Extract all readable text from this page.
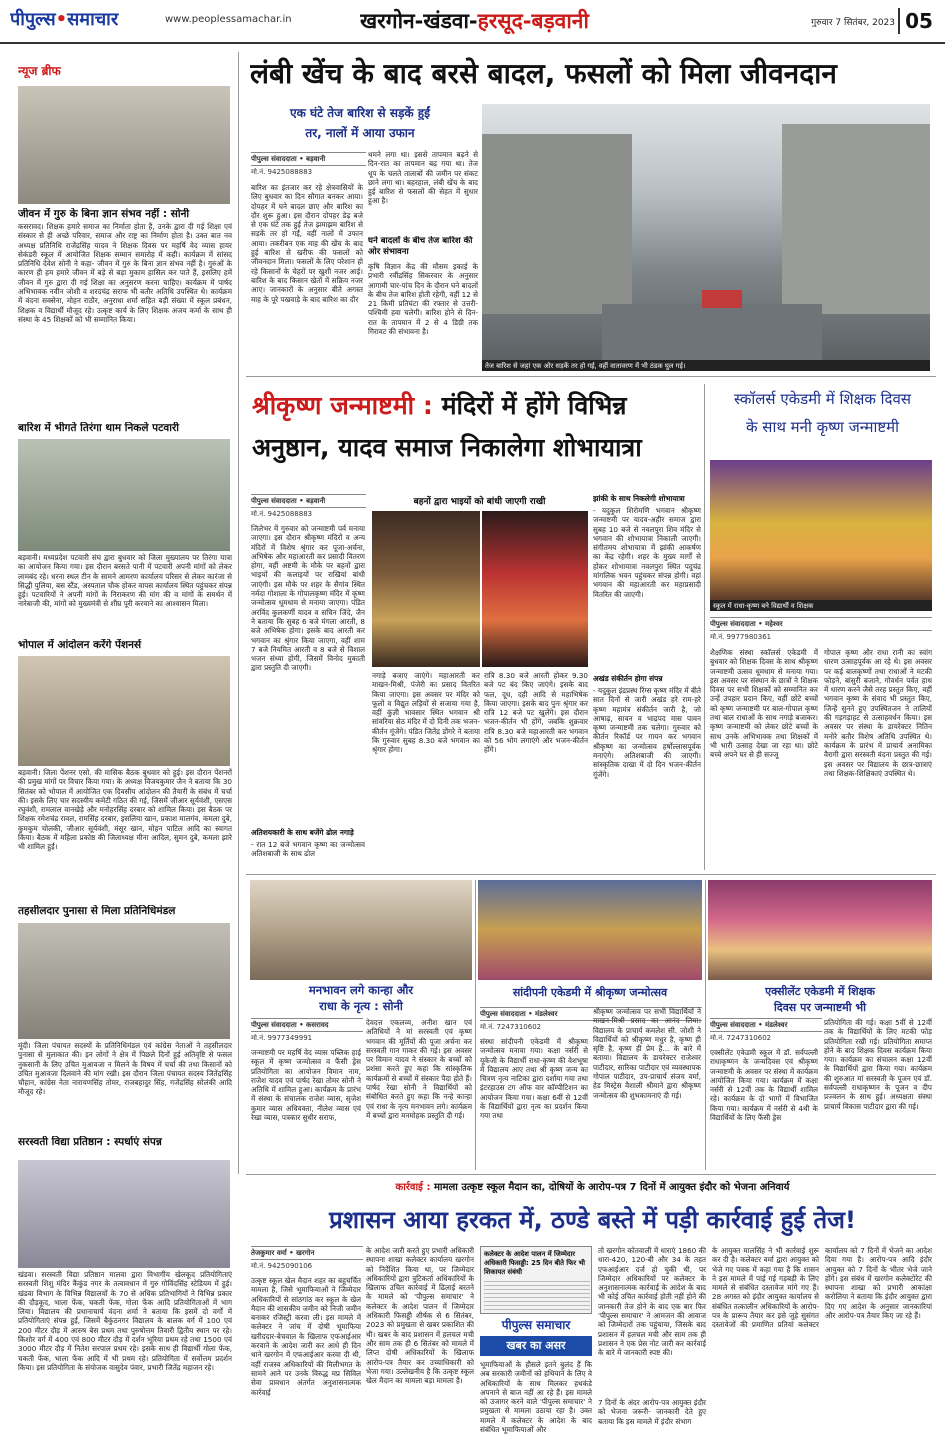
पीपुल्स•समाचार	www.peoplessamachar.in	खरगोन-खंडवा-हरसूद-बड़वानी	गुरुवार 7 सितंबर, 2023 05
न्यूज ब्रीफ
जीवन में गुरु के बिना ज्ञान संभव नहीं : सोनी
कसरावद। शिक्षक हमारे समाज का निर्माता होता है, उनके द्वारा दी गई शिक्षा एवं संस्कार से ही अच्छे परिवार, समाज और राष्ट्र का निर्माण होता है। उक्त बात नव अध्यक्ष प्रतिनिधि राजेंद्रसिंह यादव ने शिक्षक दिवस पर महर्षि वेद व्यास हायर सेकंडरी स्कूल में आयोजित शिक्षक सम्मान समारोह में कही। कार्यक्रम में सांसद प्रतिनिधि देवेश सोनी ने कहा- जीवन में गुरु के बिना ज्ञान संभव नहीं है। गुरुओं के कारण ही हम हमारे जीवन में बड़े से बड़ा मुकाम हासिल कर पाते हैं, इसलिए हमें जीवन में गुरु द्वारा दी गई शिक्षा का अनुसरण करना चाहिए। कार्यक्रम में पार्षद अभिभावक नवीन जोशी व शरदचंद्र सराफ भी बतौर अतिथि उपस्थित थे। कार्यक्रम में वंदना सक्सेना, मोहन राठौर, अनुराधा शर्मा सहित बड़ी संख्या में स्कूल प्रबंधन, शिक्षक व विद्यार्थी मौजूद रहे। उत्कृष्ट कार्य के लिए शिक्षक अजय कर्मा के साथ ही संस्था के 45 शिक्षकों को भी सम्मानित किया।
बारिश में भीगते तिरंगा थाम निकले पटवारी
बड़वानी। मध्यप्रदेश पटवारी संघ द्वारा बुधवार को जिला मुख्यालय पर तिरंगा यात्रा का आयोजन किया गया। इस दौरान बरसते पानी में पटवारी अपनी मांगों को लेकर लामबंद रहे। धरना स्थल टीन के सामने आमरण कार्यालय परिसर से लेकर कारंजा से सिद्धी पुलिया, बस स्टैंड, अस्पताल चौक होकर वापस कार्यालय स्थित पहुंचकर संपन्न हुई। पटवारियों ने अपनी मांगों के निराकरण की मांग की व मांगों के समर्थन में नारेबाजी की, मांगों को मुख्यमंत्री से शीघ्र पूरी करवाने का आश्वासन मिला।
भोपाल में आंदोलन करेंगे पेंशनर्स
बड़वानी। जिला पेंशनर एसो. की मासिक बैठक बुधवार को हुई। इस दौरान पेंशनरों की प्रमुख मांगों पर विचार किया गया। के अध्यक्ष विजयकुमार जैन ने बताया कि 30 सितंबर को भोपाल में आयोजित एक दिवसीय आंदोलन की तैयारी के संबंध में चर्चा की। इसके लिए चार सदस्यीय कमेटी गठित की गई, जिसमें जीआर सूर्यवंशी, एसएस रघुवंशी, रामलाल वानखेड़े और मनोहरसिंह दरबार को शामिल किया। इस बैठक पर शिक्षक रमेशचंद्र रावल, रामसिंह दरबार, इसलिया खान, प्रकाश मालगंव, कमला दुबे, कुमकुम चोलकी, जीआर सूर्यवंशी, मंसूर खान, मोहन पाटिल आदि का स्वागत किया। बैठक में महिला प्रकोष्ठ की जिलाध्यक्ष मीना आदिल, सुमन दुबे, कमला झारे भी शामिल हुईं।
तहसीलदार पुनासा से मिला प्रतिनिधिमंडल
मूंदी। जिला पंचायत सदस्यों के प्रतिनिधिमंडल एवं कांग्रेस नेताओं ने तहसीलदार पुनासा से मुलाकात की। इन लोगों ने क्षेत्र में पिछले दिनों हुई अतिवृष्टि से फसल नुकसानी के लिए उचित मुआवजा न मिलने के विषय में चर्चा की तथा किसानों को उचित मुआवजा दिलवाने की मांग रखी। इस दौरान जिला पंचायत सदस्य जितेंद्रसिंह चौहान, कांग्रेस नेता नारायणसिंह तोमर, राजबहादुर सिंह, गजेंद्रसिंह सोलंकी आदि मौजूद रहे।
सरस्वती विद्या प्रतिष्ठान : स्पर्धाएं संपन्न
खंडवा। सरस्वती विद्या प्रतिष्ठान मालवा द्वारा विभागीय खेलकूद प्रतियोगिताएं सरस्वती शिशु मंदिर कैंकुंड नगर के तत्वावधान में गुरु गोविंदसिंह स्टेडियम में हुई। खंडवा विभाग के विभिन्न विद्यालयों के 70 से अधिक प्रतिभागियों ने विभिन्न प्रकार की दौड़कूद, भाला फेंक, चकती फेंक, गोला फेंक आदि प्रतियोगिताओं में भाग लिया। विद्यालय की प्रधानाचार्य वंदना शर्मा ने बताया कि इसमें दो वर्गों में प्रतियोगिताएं संपन्न हुईं, जिसमें बैकुंठनगर विद्यालय के बालक वर्ग में 100 एवं 200 मीटर दौड़ में आरुष बेस प्रथम तथा पुरुषोत्तम तिवारी द्वितीय स्थान पर रहे। किशोर वर्ग में 400 एवं 800 मीटर दौड़ में दर्शन भूरिया प्रथम रहे तथा 1500 एवं 3000 मीटर दौड़ में नितेश सरपाल प्रथम रहे। इसके साथ ही विद्यार्थी गोला फेंक, चकती फेंक, भाला फेंक आदि में भी प्रथम रहे। प्रतियोगिता में सर्वोत्तम प्रदर्शन किया। इस प्रतियोगिता के संयोजक वासुदेव पंवार, प्रभारी जितेंद्र महाजन रहे।
लंबी खेंच के बाद बरसे बादल, फसलों को मिला जीवनदान
एक घंटे तेज बारिश से सड़कें हुईं
तर, नालों में आया उफान
पीपुल्स संवाददाता • बड़वानी
मो.नं. 9425088883
बारिश का इंतजार कर रहे क्षेत्रवासियों के लिए बुधवार का दिन सौगात बनकर आया। दोपहर में घने बादल छाए और बारिश का दौर शुरू हुआ। इस दौरान दोपहर डेढ़ बजे से एक घंटे तक हुई तेज झमाझम बारिश से सड़कें तर हो गईं, वहीं नालों में उफान आया। तकरीबन एक माह की खेंच के बाद हुई बारिश से खरीफ की फसलों को जीवनदान मिला। फसलों के लिए परेशान हो रहे किसानों के चेहरों पर खुशी नजर आई। बारिश के बाद किसान खेतों में सक्रिय नजर आए। जानकारों के अनुसार बीते अगस्त माह के पूरे पखवाड़े के बाद बारिश का दौर
थमने लगा था। इससे तापमान बढ़ने से दिन-रात का तापमान बढ़ गया था। तेज धूप के चलते तालाबों की जमीन पर संकट छाने लगा था। बहरहाल, लंबी खेंच के बाद हुई बारिश से फसलों की सेहत में सुधार हुआ है।
घने बादलों के बीच तेज बारिश की ओर संभावना
कृषि विज्ञान केंद्र की मौसम इकाई के प्रभारी रवींद्रसिंह सिकरवार के अनुसार आगामी चार-पांच दिन के दौरान घने बादलों के बीच तेज बारिश होती रहेगी, वहीं 12 से 21 किमी प्रतिघंटा की रफ्तार से उत्तरी-पश्चिमी हवा चलेगी। बारिश होने से दिन-रात के तापमान में 2 से 4 डिग्री तक गिरावट की संभावना है।
तेज बारिश से जहां एक ओर सड़कें तर हो गई, वहीं वातावरण में भी ठंडक घुल गई।
श्रीकृष्ण जन्माष्टमी : मंदिरों में होंगे विभिन्न
अनुष्ठान, यादव समाज निकालेगा शोभायात्रा
पीपुल्स संवाददाता • बड़वानी
मो.नं. 9425088883
बहनों द्वारा भाइयों को बांधी जाएगी राखी
जिलेभर में गुरुवार को जन्माष्टमी पर्व मनाया जाएगा। इस दौरान श्रीकृष्ण मंदिरों व अन्य मंदिरों में विशेष श्रृंगार कर पूजा-अर्चना, अभिषेक और महाआरती कर प्रसादी वितरण होगा, वहीं अष्टमी के मौके पर बहनों द्वारा भाइयों की कलाइयों पर राखियां बांधी जाएंगी। इस मौके पर शहर के सैगांव स्थित नर्मदा गोशाला के गोपालकृष्ण मंदिर में कृष्ण जन्मोत्सव धूमधाम से मनाया जाएगा। पंडित अरविंद कुलकर्णी यादव व सचिन जिंदे, जैन ने बताया कि सुबह 6 बजे मंगला आरती, 8 बजे अभिषेक होगा। इसके बाद आरती कर भगवान का श्रृंगार किया जाएगा, वहीं शाम 7 बजे नियमित आरती व 8 बजे से विशाल भजन संध्या होगी, जिसमें विनोद मुकाती द्वारा प्रस्तुति दी जाएगी।
अतिशयकारी के साथ बजेंगे ढोल नगाड़े
- रात 12 बजे भगवान कृष्ण का जन्मोत्सव अतिशबाजी के साथ ढोल
नगाड़े बजाए जाएंगे। महाआरती कर माखन-मिश्री, पंजेरी का प्रसाद वितरित किया जाएगा। इस अवसर पर मंदिर को फूलों व विद्युत लड़ियों से सजाया गया है, वहीं कुंज्ञी भावसार स्थित भगवान श्री सांवरिया सेठ मंदिर में दो दिनी तक भजन-कीर्तन गूंजेंगे। पंडित जितेंद्र डोंगरे ने बताया कि गुरुवार सुबह 8.30 बजे भगवान का श्रृंगार होगा।
रात्रि 8.30 बजे आरती होकर 9.30 बजे पट बंद किए जाएंगे। इसके बाद फल, दूध, दही आदि से महाभिषेक किया जाएगा। इसके बाद पुनः श्रृंगार कर रात्रि 12 बजे पट खुलेंगे। इस दौरान भजन-कीर्तन भी होंगे, जबकि शुक्रवार रात्रि 8.30 बजे महाआरती कर भगवान को 56 भोग लगाएंगे और भजन-कीर्तन होंगे।
झांकी के साथ निकलेगी शोभायात्रा
- यदुकुल शिरोमणि भगवान श्रीकृष्ण जन्माष्टमी पर यादव-अहीर समाज द्वारा सुबह 10 बजे से नवलपुरा शिव मंदिर से भगवान की शोभायात्रा निकाली जाएगी। संगीतमय शोभायात्रा में झांकी आकर्षण का केंद्र रहेगी। शहर के मुख्य मार्गों से होकर शोभायात्रा नवलपुरा स्थित पदुचंद्र मांगलिक भवन पहुंचकर संपन्न होगी। वहां भगवान की महाआरती कर महाप्रसादी वितरित की जाएगी।
अखंड संकीर्तन होगा संपन्न
- यदुकुल इंद्रप्रस्थ रिंग्स कृष्ण मंदिर में बीते सात दिनों से जारी अखंड हरे राम-हरे कृष्ण महामंत्र संकीर्तन जारी है, जो आषाढ़, सावन व भाद्रपद मास पावन कृष्ण जन्माष्टमी तक चलेगा। गुरुवार को कीर्तन रिकॉर्ड पर गायन कर भगवान श्रीकृष्ण का जन्मोत्सव हर्षोल्लासपूर्वक मनाएंगे। अतिशबाजी की जाएगी। सांस्कृतिक दाखा में दो दिन भजन-कीर्तन गूंजेंगे।
स्कॉलर्स एकेडमी में शिक्षक दिवस
के साथ मनी कृष्ण जन्माष्टमी
स्कूल में राधा-कृष्ण बने विद्यार्थी व शिक्षक
पीपुल्स संवाददाता • महेश्वर
मो.नं. 9977980361
शैक्षणिक संस्था स्कॉलर्स एकेडमी में बुधवार को शिक्षक दिवस के साथ श्रीकृष्ण जन्माष्टमी उत्सव धूमधाम से मनाया गया। इस अवसर पर संस्थान के छात्रों ने शिक्षक दिवस पर सभी शिक्षकों को सम्मानित कर उन्हें उपहार प्रदान किए, वहीं छोटे बच्चों को कृष्ण जन्माष्टमी पर बाल-गोपाल कृष्ण तथा बाल राधाओं के साथ नगाड़े बजाकर। कृष्ण जन्माष्टमी को लेकर छोटे बच्चों के साथ उनके अभिभावक तथा शिक्षकों में भी भारी उत्साह देखा जा रहा था। छोटे बच्चे अपने घर से ही सज्जू
गोपाल कृष्ण और राधा रानी का स्वांग धारण उत्साहपूर्वक आ रहे थे। इस अवसर पर कई बालकृष्णों तथा राधाओं ने मटकी फोड़ने, बांसुरी बजाने, गोवर्धन पर्वत हाथ में धारण करने जैसे तरह प्रस्तुत किए, वहीं भगवान कृष्ण के संवाद भी प्रस्तुत किए, जिन्हें सुनने हुए उपस्थितजन ने तालियों की गड़गड़ाहट से उत्साहवर्धन किया। इस अवसर पर संस्था के डायरेक्टर नितिन मनोरे बतौर विशेष अतिथि उपस्थित थे। कार्यक्रम के प्रारंभ में प्राचार्य अनामिका वैरागी द्वारा सरस्वती वंदना प्रस्तुत की गई। इस अवसर पर विद्यालय के छात्र-छात्राएं तथा शिक्षक-शिक्षिकाएं उपस्थित थे।
मनभावन लगे कान्हा और
राधा के नृत्य : सोनी
पीपुल्स संवाददाता • कसरावद
मो.नं. 9977349991
जन्माष्टमी पर महर्षि वेद व्यास पब्लिक हाई स्कूल में कृष्ण जन्मोत्सव व फैंसी ड्रेस प्रतियोगिता का आयोजन विमान नाम, राजेश यादव एवं पार्षद रेखा तोमर सोनी ने अतिथि में शामिल हुआ। कार्यक्रम के प्रारंभ में संस्था के संचालक राजेश व्यास, सृजेश कुमार व्यास अधिवक्ता, नीलेश व्यास एवं रेखा व्यास, पत्रकार सुधीर सराफ,
देवदत्त एकलव्य, अनीश खान एवं अतिथियों ने मां सरस्वती एवं कृष्ण भगवान की मूर्तियों की पूजा अर्चना कर सरस्वती गान गाकर की गई। इस अवसर पर विमान यादव ने संस्कार के बच्चों को प्रशंसा करते हुए कहा कि सांस्कृतिक कार्यक्रमों से बच्चों में संस्कार पैदा होते हैं। पार्षद रेखा सोनी ने विद्यार्थियों को संबोधित करते हुए कहा कि नन्हे कान्हा एवं राधा के नृत्य मनभावन लगे। कार्यक्रम में बच्चों द्वारा मनमोहक प्रस्तुति दी गई।
सांदीपनी एकेडमी में श्रीकृष्ण जन्मोत्सव
पीपुल्स संवाददाता • मंडलेश्वर
मो.नं. 7247310602
संस्था सांदीपनी एकेडमी में श्रीकृष्ण जन्मोत्सव मनाया गया। कक्षा नर्सरी से यूकेजी के विद्यार्थी राधा-कृष्ण की वेशभूषा में विद्यालय आए तथा श्री कृष्ण जन्म का चित्रण नृत्य नाटिका द्वारा दर्शाया गया तथा इंटरहाउस टग ऑफ वार कॉम्पीटिशन का आयोजन किया गया। कक्षा 6वीं से 12वीं के विद्यार्थियों द्वारा नृत्य का प्रदर्शन किया गया तथा
श्रीकृष्ण जन्मोत्सव पर सभी विद्यार्थियों ने माखन-मिश्री प्रसाद का आनंद लिया। विद्यालय के प्राचार्य कमलेश सी. जोशी ने विद्यार्थियों को श्रीकृष्ण मधुर है, कृष्ण ही सृष्टि है, कृष्ण ही प्रेम है... के बारे में बताया। विद्यालय के डायरेक्टर राजेश्वर पाटीदार, सारिका पाटीदार एवं व्यवस्थापक गोपाल पाटीदार, उप-प्राचार्य संजय वर्मा, हेड मिस्ट्रेस वैशाली श्रीमाने द्वारा श्रीकृष्ण जन्मोत्सव की शुभकामनाएं दी गई।
एक्सीलेंट एकेडमी में शिक्षक
दिवस पर जन्माष्टमी भी
पीपुल्स संवाददाता • मंडलेश्वर
मो.नं. 7247310602
एक्सीलेंट एकेडमी स्कूल में डॉ. सर्वपल्ली राधाकृष्णन के जन्मदिवस एवं श्रीकृष्ण जन्माष्टमी के अवसर पर संस्था में कार्यक्रम आयोजित किया गया। कार्यक्रम में कक्षा नर्सरी से 12वीं तक के विद्यार्थी शामिल रहे। कार्यक्रम के दो भागों में विभाजित किया गया। कार्यक्रम में नर्सरी से 4थी के विद्यार्थियों के लिए फैंसी ड्रेस
प्रतियोगिता की गई। कक्षा 5वीं से 12वीं तक के विद्यार्थियों के लिए मटकी फोड़ प्रतियोगिता रखी गई। प्रतियोगिता समाप्त होने के बाद शिक्षक दिवस कार्यक्रम किया गया। कार्यक्रम का संचालन कक्षा 12वीं के विद्यार्थियों द्वारा किया गया। कार्यक्रम की शुरुआत मां सरस्वती के पूजन एवं डॉ. सर्वपल्ली राधाकृष्णन के पूजन व दीप प्रज्वलन के साथ हुई। अध्यक्षता संस्था प्राचार्य विकास पाटीदार द्वारा की गई।
कार्रवाई : मामला उत्कृष्ट स्कूल मैदान का, दोषियों के आरोप-पत्र 7 दिनों में आयुक्त इंदौर को भेजना अनिवार्य
प्रशासन आया हरकत में, ठण्डे बस्ते में पड़ी कार्रवाई हुई तेज!
तेजकुमार वर्मा • खरगोन
मो.नं. 9425090106
उत्कृष्ट स्कूल खेल मैदान शहर का बहुचर्चित मामला है, जिसे भूमाफियाओं ने जिम्मेदार अधिकारियों से सांठगांठ कर स्कूल के खेल मैदान की शासकीय जमीन को निजी जमीन बनाकर रजिस्ट्री करवा ली। इस मामले में कलेक्टर ने जांच में दोषी भूमाफिया खरीददार-बेचवाल के खिलाफ एफआईआर करवाने के आदेश जारी कर आधे ही दिन थाने खरगोन में एफआईआर करवा दी थी, वहीं राजस्व अधिकारियों की मिलीभगत के सामने आने पर उनके विरुद्ध मप्र सिविल सेवा प्रावधान अंतर्गत अनुशासनात्मक कार्रवाई
के आदेश जारी करते हुए प्रभारी अधिकारी स्थापना शाखा कलेक्टर कार्यालय खरगोन को निर्देशित किया था, पर जिम्मेदार अधिकारियों द्वारा त्रुटिकर्ता अधिकारियों के खिलाफ उचित कार्रवाई में ढिलाई बरतने के मामले को 'पीपुल्स समाचार' ने कलेक्टर के आदेश पालन में जिम्मेदार अधिकारी फिसड्डी शीर्षक से 6 सितंबर, 2023 को प्रमुखता से खबर प्रकाशित की थी। खबर के बाद प्रशासन में हलचल मची और साम तक ही 6 सितंबर को मामले में लिप्त दोषी अधिकारियों के खिलाफ आरोप-पत्र तैयार कर उच्चाधिकारी को भेजा गया। उल्लेखनीय है कि उत्कृष्ट स्कूल खेल मैदान का मामला बड़ा मामला है।
कलेक्टर के आदेश पालन में जिम्मेदार अधिकारी फिसड्डी: 25 दिन बीते फिर भी शिकायत संबंधी
पीपुल्स समाचार
खबर का असर
भूमाफियाओं के हौसले इतने बुलंद हैं कि अब सरकारी जमीनों को हथियाने के लिए वे अधिकारियों के साथ मिलकर हथकंडे अपनाने से बाज नहीं आ रहे हैं। इस मामले को उजागर करने वाले 'पीपुल्स समाचार' ने प्रमुखता से मामला उठाया रहा है। उक्त मामले में कलेक्टर के आदेश के बाद संबंधित भूमाफियाओं और
तो खरगोन कोतवाली में धाराएं 1860 की धारा-420, 120-बी और 34 के तहत एफआईआर दर्ज हो चुकी थी, पर जिम्मेदार अधिकारियों पर कलेक्टर के अनुशासनात्मक कार्रवाई के आदेश के बाद भी कोई उचित कार्रवाई होती नहीं होने की जानकारी तेज होने के बाद एक बार फिर 'पीपुल्स समाचार' ने आमजन की आवाज को जिम्मेदारों तक पहुंचाया, जिसके बाद प्रशासन में हलचल मची और साम तक ही प्रशासन ने एक प्रेस नोट जारी कर कार्रवाई के बारे में जानकारी स्पष्ट की।
7 दिनों के अंदर आरोप-पत्र आयुक्त इंदौर को भेजना जरूरी- जानकारी देते हुए बताया कि इस मामले में इंदौर संभाग
के आयुक्त मालसिंह ने भी कार्रवाई शुरू कर दी है। कलेक्टर वर्मा द्वारा आयुक्त को भेजे गए पत्रक में कहा गया है कि शासन ने इस मामले में पाई गई गड़बड़ी के लिए मामले से संबंधित दस्तावेज मांगे गए हैं। 28 अगस्त को इंदौर आयुक्त कार्यालय से संबंधित तत्कालीन अधिकारियों के आरोप-पत्र के प्रारूप तैयार कर इसे जुड़े सुसंगत दस्तावेजों की प्रमाणित प्रतियां कलेक्टर कार्यालय को 7 दिनों में भेजने का आदेश दिया गया है। आरोप-पत्र आदि इंदौर आयुक्त को 7 दिनों के भीतर भेजे जाने होंगे। इस संबंध में खरगोन कलेक्टोरेट की स्थापना शाखा को प्रभारी आकांक्षा करोलिया ने बताया कि इंदौर आयुक्त द्वारा दिए गए आदेश के अनुसार जानकारियां और आरोप-पत्र तैयार किए जा रहे हैं।
